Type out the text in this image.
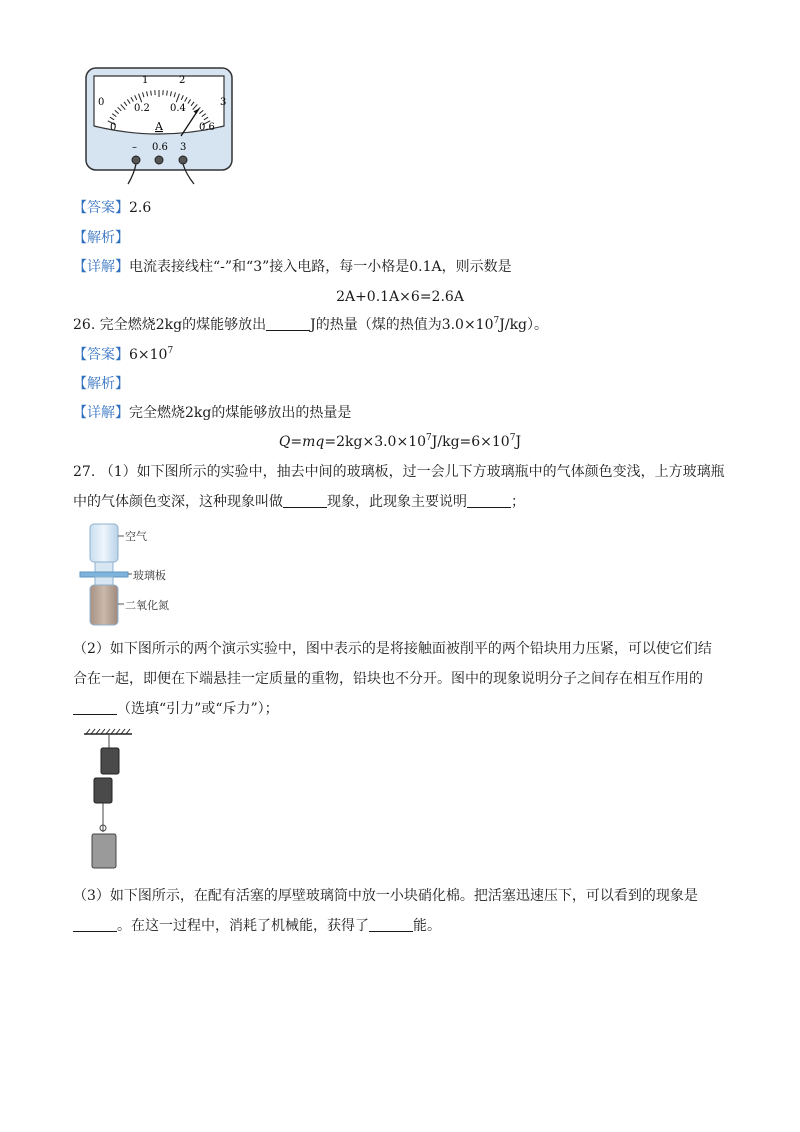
0
1	2
3
0
0.2 0.4
0.6
A
– 0.6 3
【答案】2.6
【解析】
【详解】电流表接线柱“-”和“3”接入电路，每一小格是0.1A，则示数是
2A+0.1A×6=2.6A
26. 完全燃烧2kg的煤能够放出	J的热量（煤的热值为$3.0\times 10^7J/kg$）。
【答案】$6\times 10^7$
【解析】
【详解】完全燃烧2kg的煤能够放出的热量是
$Q=mq=2kg\times 3.0\times 10^7J/kg=6\times 10^7J$
27. （1）如下图所示的实验中，抽去中间的玻璃板，过一会儿下方玻璃瓶中的气体颜色变浅，上方玻璃瓶
中的气体颜色变深，这种现象叫做	现象，此现象主要说明	；
空气
玻璃板
二氧化氮
（2）如下图所示的两个演示实验中，图中表示的是将接触面被削平的两个铅块用力压紧，可以使它们结
合在一起，即便在下端悬挂一定质量的重物，铅块也不分开。图中的现象说明分子之间存在相互作用的
（选填“引力”或“斥力”）；
（3）如下图所示，在配有活塞的厚壁玻璃筒中放一小块硝化棉。把活塞迅速压下，可以看到的现象是
。在这一过程中，消耗了机械能，获得了	能。
